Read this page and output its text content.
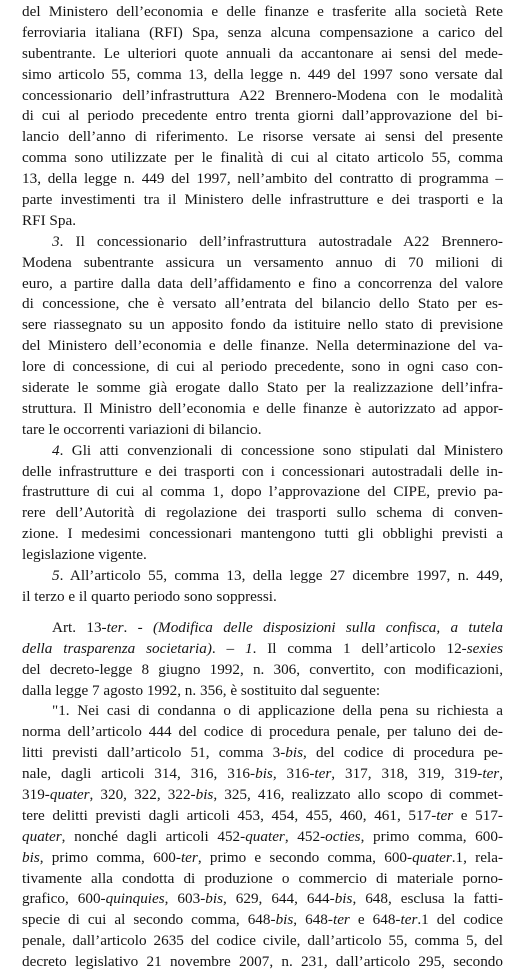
del Ministero dell’economia e delle finanze e trasferite alla società Rete
ferroviaria italiana (RFI) Spa, senza alcuna compensazione a carico del
subentrante. Le ulteriori quote annuali da accantonare ai sensi del mede-
simo articolo 55, comma 13, della legge n. 449 del 1997 sono versate dal
concessionario dell’infrastruttura A22 Brennero-Modena con le modalità
di cui al periodo precedente entro trenta giorni dall’approvazione del bi-
lancio dell’anno di riferimento. Le risorse versate ai sensi del presente
comma sono utilizzate per le finalità di cui al citato articolo 55, comma
13, della legge n. 449 del 1997, nell’ambito del contratto di programma –
parte investimenti tra il Ministero delle infrastrutture e dei trasporti e la
RFI Spa.
3. Il concessionario dell’infrastruttura autostradale A22 Brennero-
Modena subentrante assicura un versamento annuo di 70 milioni di
euro, a partire dalla data dell’affidamento e fino a concorrenza del valore
di concessione, che è versato all’entrata del bilancio dello Stato per es-
sere riassegnato su un apposito fondo da istituire nello stato di previsione
del Ministero dell’economia e delle finanze. Nella determinazione del va-
lore di concessione, di cui al periodo precedente, sono in ogni caso con-
siderate le somme già erogate dallo Stato per la realizzazione dell’infra-
struttura. Il Ministro dell’economia e delle finanze è autorizzato ad appor-
tare le occorrenti variazioni di bilancio.
4. Gli atti convenzionali di concessione sono stipulati dal Ministero
delle infrastrutture e dei trasporti con i concessionari autostradali delle in-
frastrutture di cui al comma 1, dopo l’approvazione del CIPE, previo pa-
rere dell’Autorità di regolazione dei trasporti sullo schema di conven-
zione. I medesimi concessionari mantengono tutti gli obblighi previsti a
legislazione vigente.
5. All’articolo 55, comma 13, della legge 27 dicembre 1997, n. 449,
il terzo e il quarto periodo sono soppressi.
Art. 13-ter. - (Modifica delle disposizioni sulla confisca, a tutela
della trasparenza societaria). – 1. Il comma 1 dell’articolo 12-sexies
del decreto-legge 8 giugno 1992, n. 306, convertito, con modificazioni,
dalla legge 7 agosto 1992, n. 356, è sostituito dal seguente:
"1. Nei casi di condanna o di applicazione della pena su richiesta a
norma dell’articolo 444 del codice di procedura penale, per taluno dei de-
litti previsti dall’articolo 51, comma 3-bis, del codice di procedura pe-
nale, dagli articoli 314, 316, 316-bis, 316-ter, 317, 318, 319, 319-ter,
319-quater, 320, 322, 322-bis, 325, 416, realizzato allo scopo di commet-
tere delitti previsti dagli articoli 453, 454, 455, 460, 461, 517-ter e 517-
quater, nonché dagli articoli 452-quater, 452-octies, primo comma, 600-
bis, primo comma, 600-ter, primo e secondo comma, 600-quater.1, rela-
tivamente alla condotta di produzione o commercio di materiale porno-
grafico, 600-quinquies, 603-bis, 629, 644, 644-bis, 648, esclusa la fatti-
specie di cui al secondo comma, 648-bis, 648-ter e 648-ter.1 del codice
penale, dall’articolo 2635 del codice civile, dall’articolo 55, comma 5, del
decreto legislativo 21 novembre 2007, n. 231, dall’articolo 295, secondo
